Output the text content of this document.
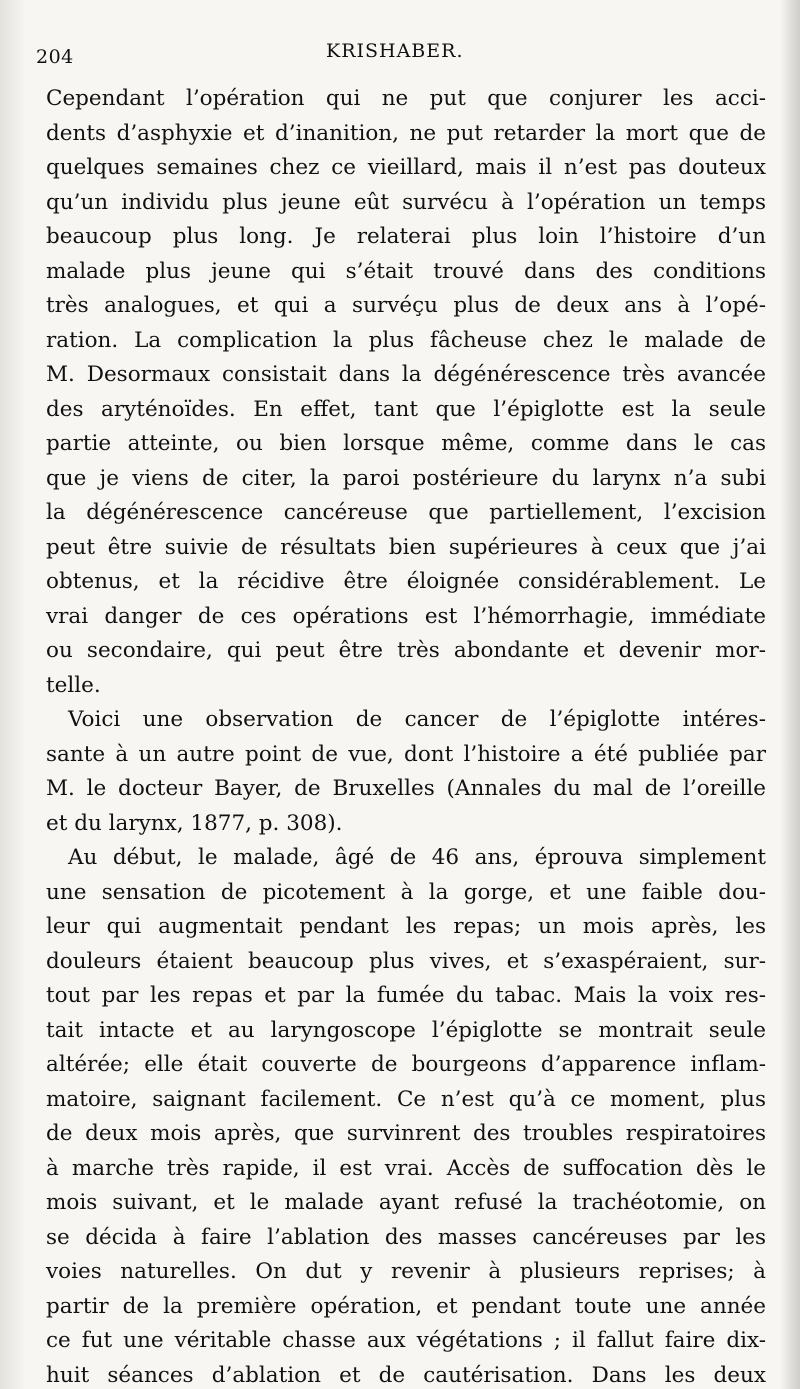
204	KRISHABER.
Cependant l’opération qui ne put que conjurer les acci-
dents d’asphyxie et d’inanition, ne put retarder la mort que de
quelques semaines chez ce vieillard, mais il n’est pas douteux
qu’un individu plus jeune eût survécu à l’opération un temps
beaucoup plus long. Je relaterai plus loin l’histoire d’un
malade plus jeune qui s’était trouvé dans des conditions
très analogues, et qui a survéçu plus de deux ans à l’opé-
ration. La complication la plus fâcheuse chez le malade de
M. Desormaux consistait dans la dégénérescence très avancée
des aryténoïdes. En effet, tant que l’épiglotte est la seule
partie atteinte, ou bien lorsque même, comme dans le cas
que je viens de citer, la paroi postérieure du larynx n’a subi
la dégénérescence cancéreuse que partiellement, l’excision
peut être suivie de résultats bien supérieures à ceux que j’ai
obtenus, et la récidive être éloignée considérablement. Le
vrai danger de ces opérations est l’hémorrhagie, immédiate
ou secondaire, qui peut être très abondante et devenir mor-
telle.
Voici une observation de cancer de l’épiglotte intéres-
sante à un autre point de vue, dont l’histoire a été publiée par
M. le docteur Bayer, de Bruxelles (Annales du mal de l’oreille
et du larynx, 1877, p. 308).
Au début, le malade, âgé de 46 ans, éprouva simplement
une sensation de picotement à la gorge, et une faible dou-
leur qui augmentait pendant les repas; un mois après, les
douleurs étaient beaucoup plus vives, et s’exaspéraient, sur-
tout par les repas et par la fumée du tabac. Mais la voix res-
tait intacte et au laryngoscope l’épiglotte se montrait seule
altérée; elle était couverte de bourgeons d’apparence inflam-
matoire, saignant facilement. Ce n’est qu’à ce moment, plus
de deux mois après, que survinrent des troubles respiratoires
à marche très rapide, il est vrai. Accès de suffocation dès le
mois suivant, et le malade ayant refusé la trachéotomie, on
se décida à faire l’ablation des masses cancéreuses par les
voies naturelles. On dut y revenir à plusieurs reprises; à
partir de la première opération, et pendant toute une année
ce fut une véritable chasse aux végétations ; il fallut faire dix-
huit séances d’ablation et de cautérisation. Dans les deux
